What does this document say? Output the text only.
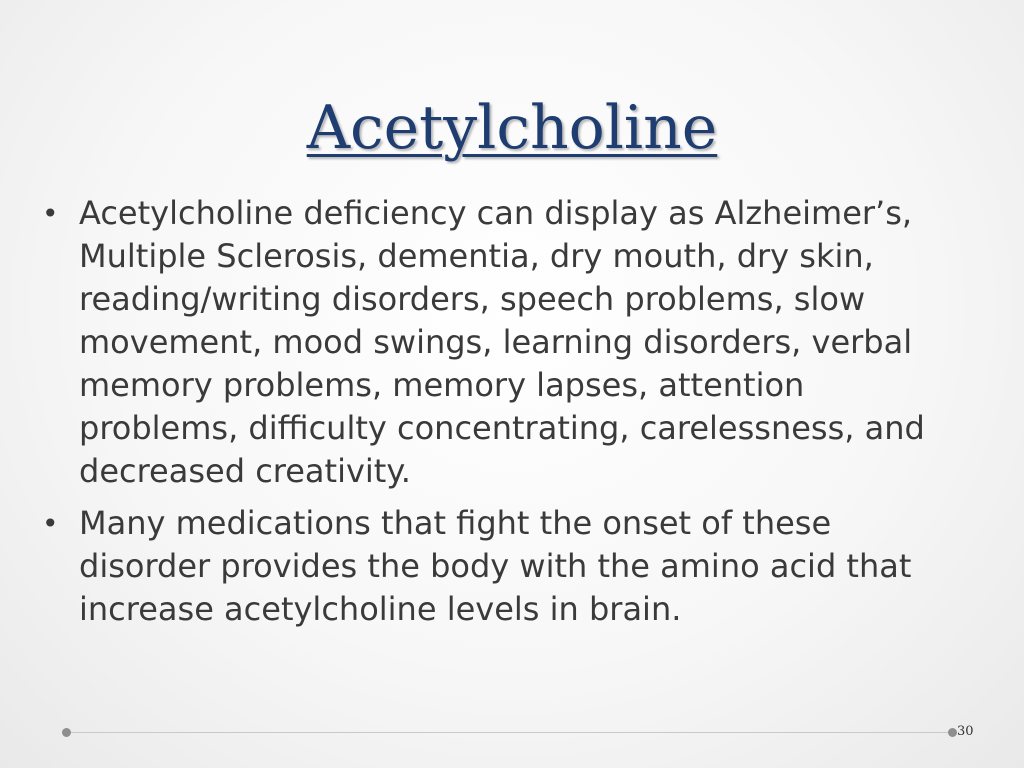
Acetylcholine
• Acetylcholine deficiency can display as Alzheimer’s, Multiple Sclerosis, dementia, dry mouth, dry skin, reading/writing disorders, speech problems, slow movement, mood swings, learning disorders, verbal memory problems, memory lapses, attention problems, difficulty concentrating, carelessness, and decreased creativity.
• Many medications that fight the onset of these disorder provides the body with the amino acid that increase acetylcholine levels in brain.
30
